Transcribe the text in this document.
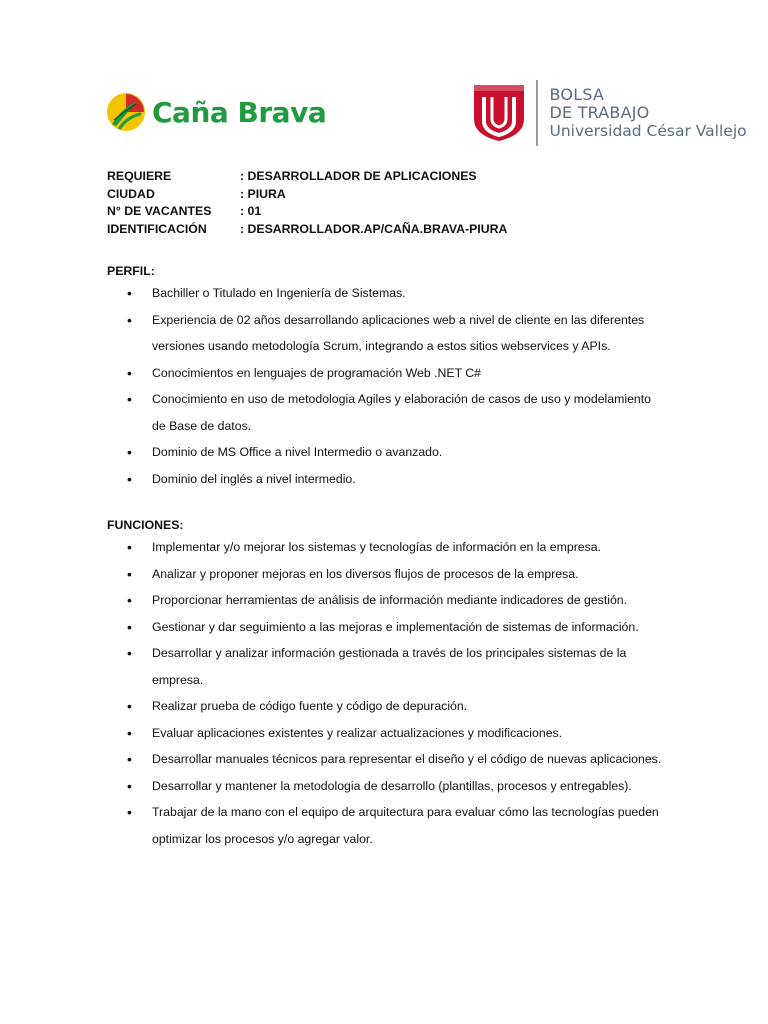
Caña Brava
BOLSA
DE TRABAJO
Universidad César Vallejo
REQUIERE	: DESARROLLADOR DE APLICACIONES
CIUDAD	: PIURA
N° DE VACANTES	: 01
IDENTIFICACIÓN	: DESARROLLADOR.AP/CAÑA.BRAVA-PIURA
PERFIL:
• Bachiller o Titulado en Ingeniería de Sistemas.
• Experiencia de 02 años desarrollando aplicaciones web a nivel de cliente en las diferentes versiones usando metodología Scrum, integrando a estos sitios webservices y APIs.
• Conocimientos en lenguajes de programación Web .NET C#
• Conocimiento en uso de metodologia Agiles y elaboración de casos de uso y modelamiento de Base de datos.
• Dominio de MS Office a nivel Intermedio o avanzado.
• Dominio del inglés a nivel intermedio.
FUNCIONES:
• Implementar y/o mejorar los sistemas y tecnologías de información en la empresa.
• Analizar y proponer mejoras en los diversos flujos de procesos de la empresa.
• Proporcionar herramientas de análisis de información mediante indicadores de gestión.
• Gestionar y dar seguimiento a las mejoras e implementación de sistemas de información.
• Desarrollar y analizar información gestionada a través de los principales sistemas de la empresa.
• Realizar prueba de código fuente y código de depuración.
• Evaluar aplicaciones existentes y realizar actualizaciones y modificaciones.
• Desarrollar manuales técnicos para representar el diseño y el código de nuevas aplicaciones.
• Desarrollar y mantener la metodologia de desarrollo (plantillas, procesos y entregables).
• Trabajar de la mano con el equipo de arquitectura para evaluar cómo las tecnologías pueden optimizar los procesos y/o agregar valor.
